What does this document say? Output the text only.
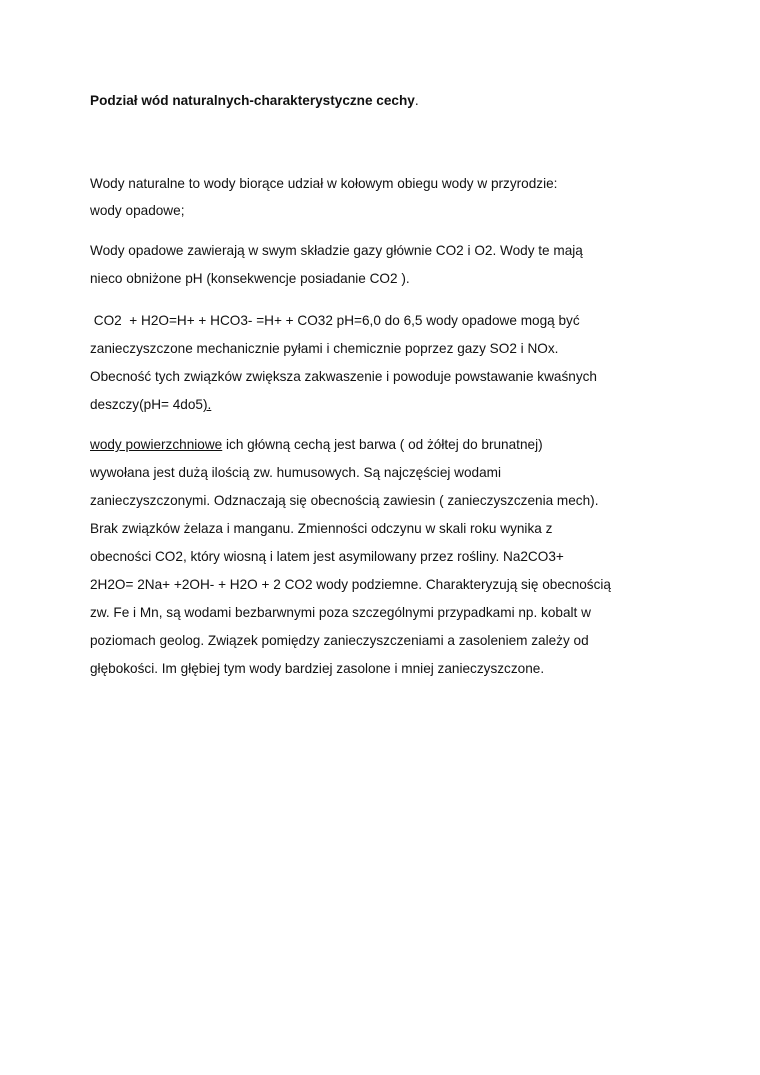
Podział wód naturalnych-charakterystyczne cechy.
Wody naturalne to wody biorące udział w kołowym obiegu wody w przyrodzie:
wody opadowe;
Wody opadowe zawierają w swym składzie gazy głównie CO2 i O2. Wody te mają
nieco obniżone pH (konsekwencje posiadanie CO2 ).
CO2  + H2O=H+ + HCO3- =H+ + CO32 pH=6,0 do 6,5 wody opadowe mogą być
zanieczyszczone mechanicznie pyłami i chemicznie poprzez gazy SO2 i NOx.
Obecność tych związków zwiększa zakwaszenie i powoduje powstawanie kwaśnych
deszczy(pH= 4do5).
wody powierzchniowe ich główną cechą jest barwa ( od żółtej do brunatnej)
wywołana jest dużą ilością zw. humusowych. Są najczęściej wodami
zanieczyszczonymi. Odznaczają się obecnością zawiesin ( zanieczyszczenia mech).
Brak związków żelaza i manganu. Zmienności odczynu w skali roku wynika z
obecności CO2, który wiosną i latem jest asymilowany przez rośliny. Na2CO3+
2H2O= 2Na+ +2OH- + H2O + 2 CO2 wody podziemne. Charakteryzują się obecnością
zw. Fe i Mn, są wodami bezbarwnymi poza szczególnymi przypadkami np. kobalt w
poziomach geolog. Związek pomiędzy zanieczyszczeniami a zasoleniem zależy od
głębokości. Im głębiej tym wody bardziej zasolone i mniej zanieczyszczone.
